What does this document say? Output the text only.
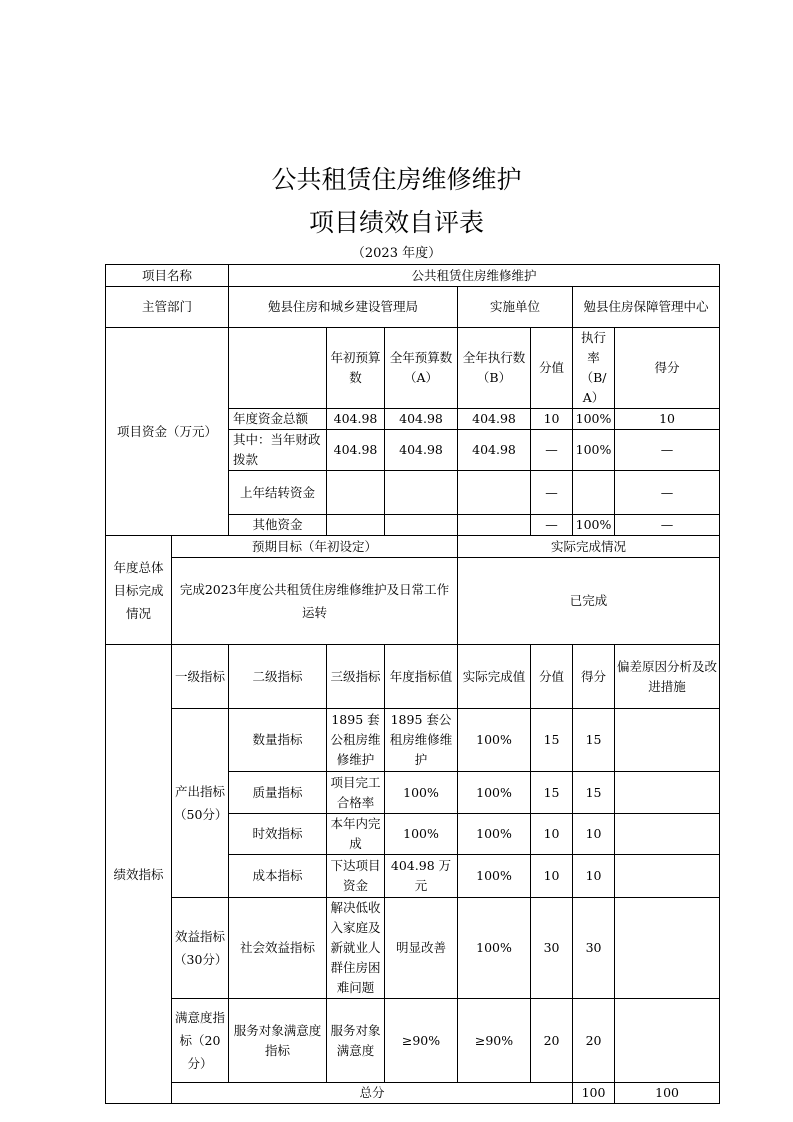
公共租赁住房维修维护
项目绩效自评表
（2023 年度）
项目名称		公共租赁住房维修维护							
主管部门		勉县住房和城乡建设管理局			实施单位		勉县住房保障管理中心		
项目资金（万元）			年初预算数	全年预算数（A）	全年执行数（B）	分值	执行率（B/A）	得分	
		年度资金总额	404.98	404.98	404.98	10	100%	10	
		其中：当年财政拨款	404.98	404.98	404.98	—	100%	—	
		上年结转资金				—		—	
		其他资金				—	100%	—	
年度总体目标完成情况	预期目标（年初设定）				实际完成情况				
	完成2023年度公共租赁住房维修维护及日常工作运转				已完成				
绩效指标	一级指标	二级指标	三级指标	年度指标值	实际完成值	分值	得分	偏差原因分析及改进措施	
	产出指标（50分）	数量指标	1895 套公租房维修维护	1895 套公租房维修维护	100%	15	15		
		质量指标	项目完工合格率	100%	100%	15	15		
		时效指标	本年内完成	100%	100%	10	10		
		成本指标	下达项目资金	404.98 万元	100%	10	10		
	效益指标（30分）	社会效益指标	解决低收入家庭及新就业人群住房困难问题	明显改善	100%	30	30		
	满意度指标（20分）	服务对象满意度指标	服务对象满意度	≥90%	≥90%	20	20		
	总分						100	100	
